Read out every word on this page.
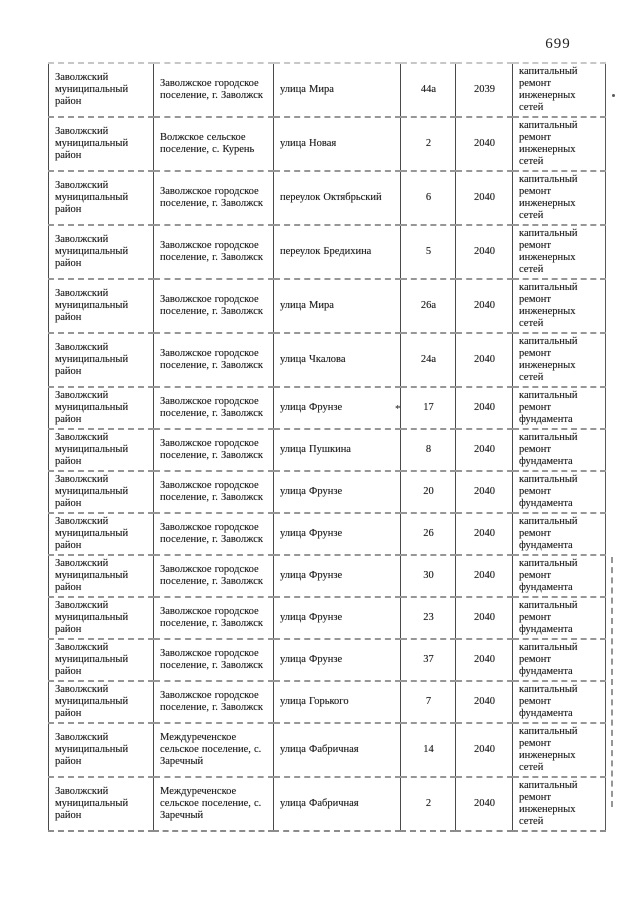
699
Заволжский муниципальный район	Заволжское городское поселение, г. Заволжск	улица Мира	44а	2039	капитальный ремонт инженерных сетей
Заволжский муниципальный район	Волжское сельское поселение, с. Курень	улица Новая	2	2040	капитальный ремонт инженерных сетей
Заволжский муниципальный район	Заволжское городское поселение, г. Заволжск	переулок Октябрьский	6	2040	капитальный ремонт инженерных сетей
Заволжский муниципальный район	Заволжское городское поселение, г. Заволжск	переулок Бредихина	5	2040	капитальный ремонт инженерных сетей
Заволжский муниципальный район	Заволжское городское поселение, г. Заволжск	улица Мира	26а	2040	капитальный ремонт инженерных сетей
Заволжский муниципальный район	Заволжское городское поселение, г. Заволжск	улица Чкалова	24а	2040	капитальный ремонт инженерных сетей
Заволжский муниципальный район	Заволжское городское поселение, г. Заволжск	улица Фрунзе	17	2040	капитальный ремонт фундамента
Заволжский муниципальный район	Заволжское городское поселение, г. Заволжск	улица Пушкина	8	2040	капитальный ремонт фундамента
Заволжский муниципальный район	Заволжское городское поселение, г. Заволжск	улица Фрунзе	20	2040	капитальный ремонт фундамента
Заволжский муниципальный район	Заволжское городское поселение, г. Заволжск	улица Фрунзе	26	2040	капитальный ремонт фундамента
Заволжский муниципальный район	Заволжское городское поселение, г. Заволжск	улица Фрунзе	30	2040	капитальный ремонт фундамента
Заволжский муниципальный район	Заволжское городское поселение, г. Заволжск	улица Фрунзе	23	2040	капитальный ремонт фундамента
Заволжский муниципальный район	Заволжское городское поселение, г. Заволжск	улица Фрунзе	37	2040	капитальный ремонт фундамента
Заволжский муниципальный район	Заволжское городское поселение, г. Заволжск	улица Горького	7	2040	капитальный ремонт фундамента
Заволжский муниципальный район	Междуреченское сельское поселение, с. Заречный	улица Фабричная	14	2040	капитальный ремонт инженерных сетей
Заволжский муниципальный район	Междуреченское сельское поселение, с. Заречный	улица Фабричная	2	2040	капитальный ремонт инженерных сетей
*
